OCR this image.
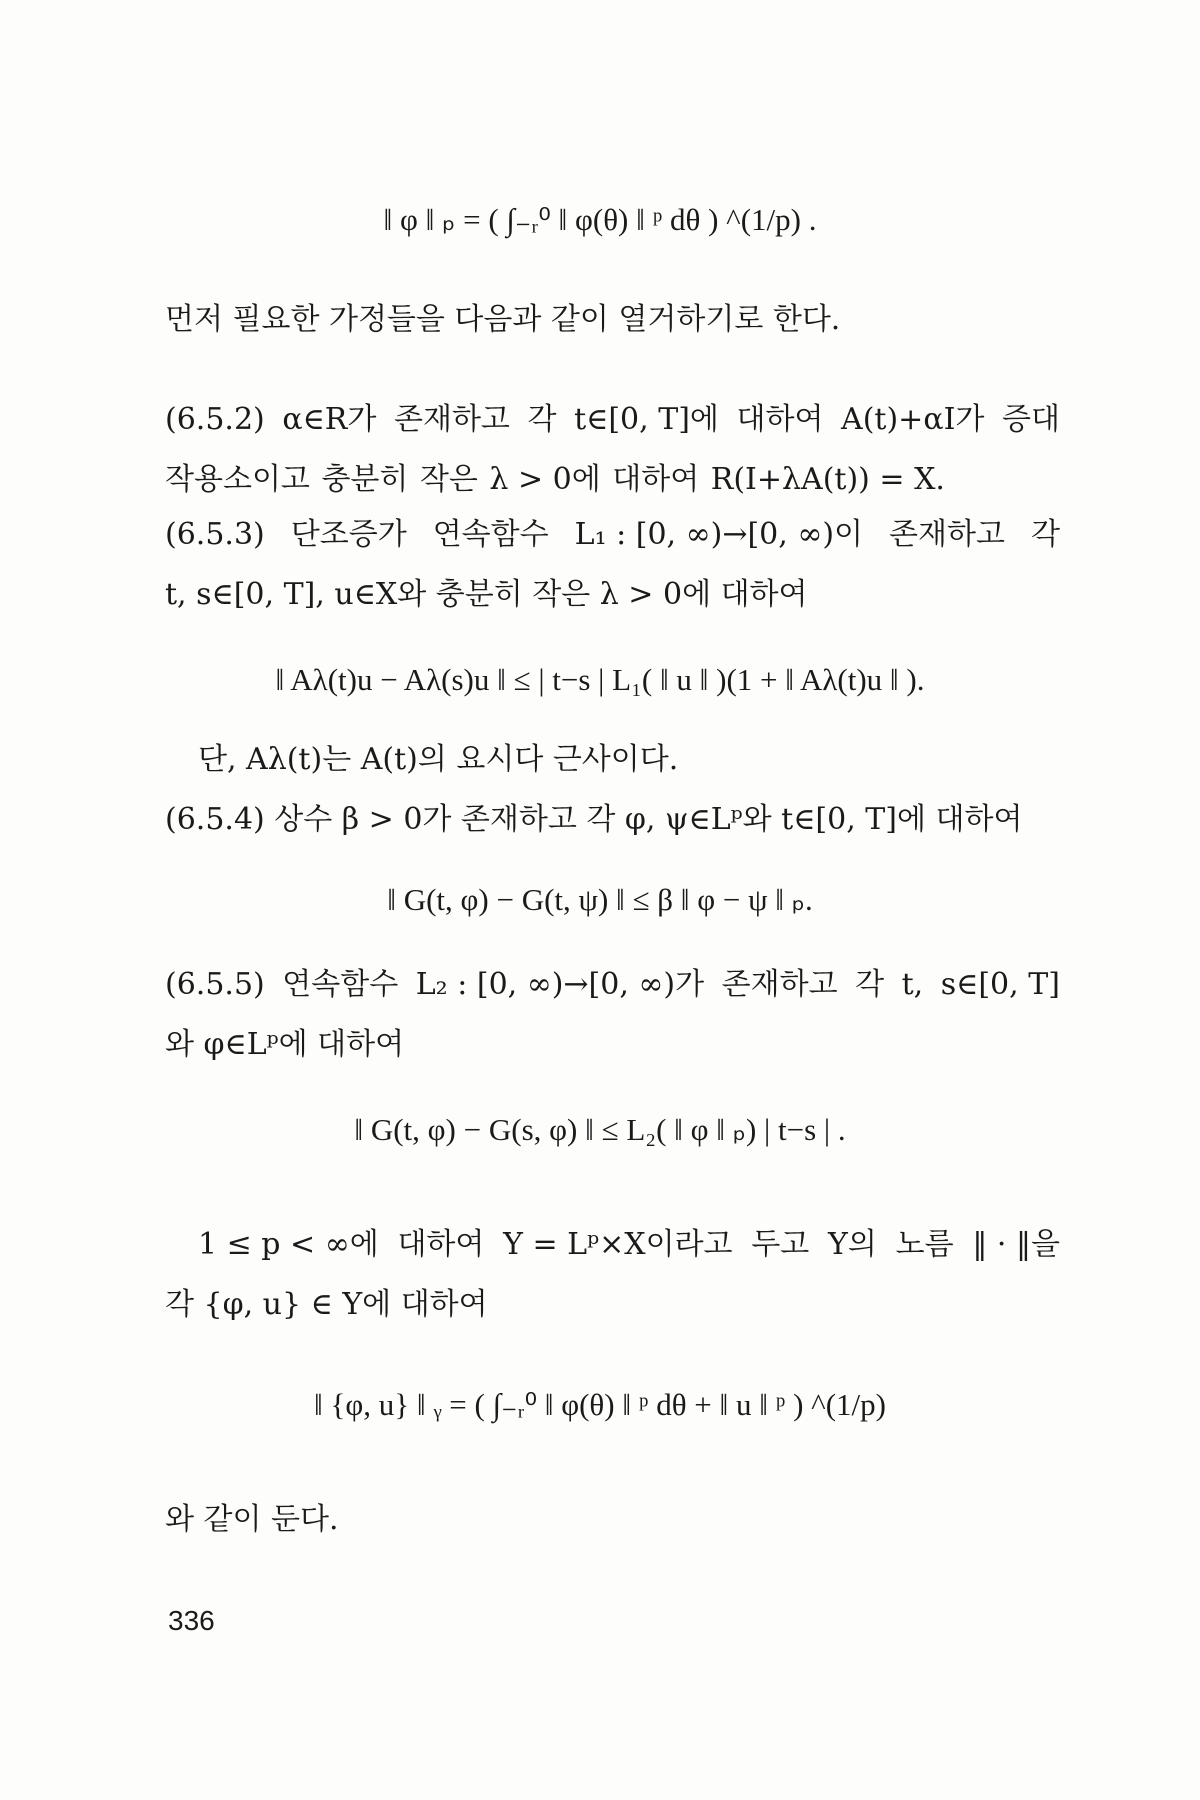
‖ φ ‖ ₚ = ( ∫₋ᵣ⁰ ‖ φ(θ) ‖ ᵖ dθ ) ^(1/p) .
먼저 필요한 가정들을 다음과 같이 열거하기로 한다.
(6.5.2) α∈R가 존재하고 각 t∈[0, T]에 대하여 A(t)+αI가 증대
작용소이고 충분히 작은 λ > 0에 대하여 R(I+λA(t)) = X.
(6.5.3) 단조증가 연속함수 L₁ : [0, ∞)→[0, ∞)이 존재하고 각
t, s∈[0, T], u∈X와 충분히 작은 λ > 0에 대하여
‖ Aλ(t)u − Aλ(s)u ‖ ≤ | t−s | L₁( ‖ u ‖ )(1 + ‖ Aλ(t)u ‖ ).
단, Aλ(t)는 A(t)의 요시다 근사이다.
(6.5.4) 상수 β > 0가 존재하고 각 φ, ψ∈Lᵖ와 t∈[0, T]에 대하여
‖ G(t, φ) − G(t, ψ) ‖ ≤ β ‖ φ − ψ ‖ ₚ.
(6.5.5) 연속함수 L₂ : [0, ∞)→[0, ∞)가 존재하고 각 t, s∈[0, T]
와 φ∈Lᵖ에 대하여
‖ G(t, φ) − G(s, φ) ‖ ≤ L₂( ‖ φ ‖ ₚ) | t−s | .
1 ≤ p < ∞에 대하여 Y = Lᵖ×X이라고 두고 Y의 노름 ‖ · ‖을
각 {φ, u} ∈ Y에 대하여
‖ {φ, u} ‖ ᵧ = ( ∫₋ᵣ⁰ ‖ φ(θ) ‖ ᵖ dθ + ‖ u ‖ ᵖ ) ^(1/p)
와 같이 둔다.
336
